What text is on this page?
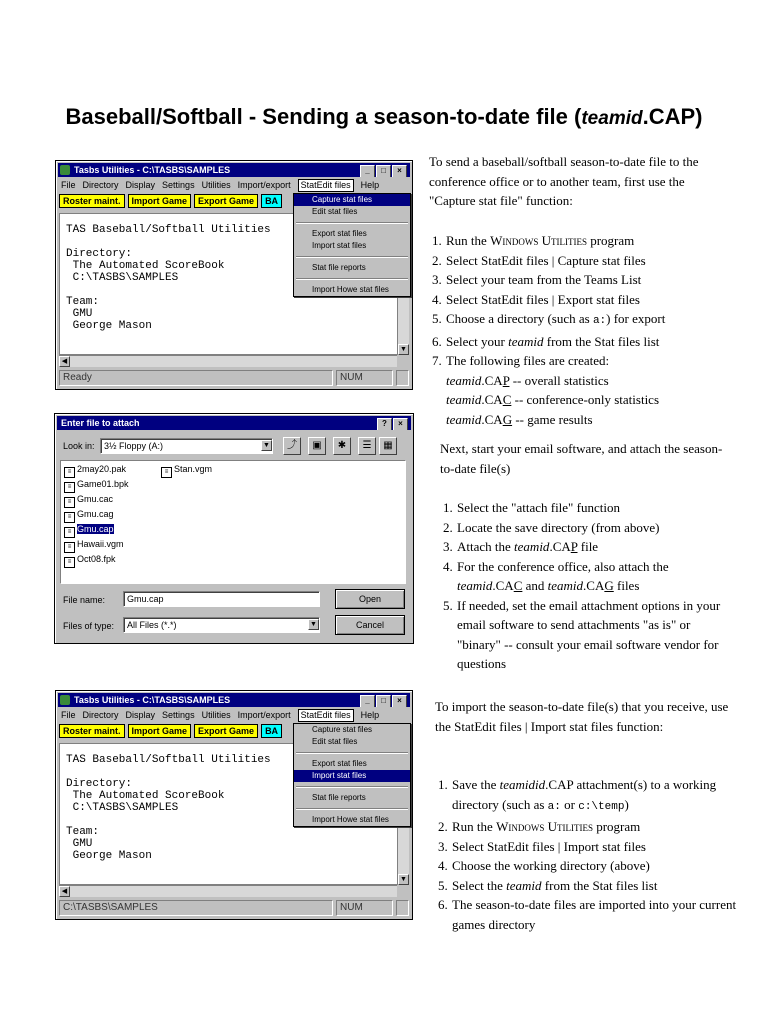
Baseball/Softball - Sending a season-to-date file (teamid.CAP)
Tasbs Utilities - C:\TASBS\SAMPLES	_	□	×
File Directory Display Settings Utilities Import/export	StatEdit files	Help
Roster maint.	Import Game	Export Game	BA
TAS Baseball/Softball Utilities

Directory:
The Automated ScoreBook
C:\TASBS\SAMPLES

Team:
GMU
George Mason
▼
◀
Ready	NUM
Capture stat files
Edit stat files
Export stat files
Import stat files
Stat file reports
Import Howe stat files
Enter file to attach	?	×
Look in:	3½ Floppy (A:)	▼	⤴	▣	✱	☰	▦
≡ 2may20.pak
≡ Game01.bpk
≡ Gmu.cac
≡ Gmu.cag
≡ Gmu.cap
≡ Hawaii.vgm
≡ Oct08.fpk
≡ Stan.vgm
File name:	Gmu.cap
Files of type:	All Files (*.*)	▼
Open
Cancel
Tasbs Utilities - C:\TASBS\SAMPLES	_	□	×
File Directory Display Settings Utilities Import/export	StatEdit files	Help
Roster maint.	Import Game	Export Game	BA
TAS Baseball/Softball Utilities

Directory:
The Automated ScoreBook
C:\TASBS\SAMPLES

Team:
GMU
George Mason
▼
◀
C:\TASBS\SAMPLES	NUM
Capture stat files
Edit stat files
Export stat files
Import stat files
Stat file reports
Import Howe stat files
To send a baseball/softball season-to-date file to the conference office or to another team, first use the "Capture stat file" function:
1. Run the Windows Utilities program
2. Select StatEdit files | Capture stat files
3. Select your team from the Teams List
4. Select StatEdit files | Export stat files
5. Choose a directory (such as a:) for export
6. Select your teamid from the Stat files list
7. The following files are created:
teamid.CAP -- overall statistics
teamid.CAC -- conference-only statistics
teamid.CAG -- game results
Next, start your email software, and attach the season-to-date file(s)
1. Select the "attach file" function
2. Locate the save directory (from above)
3. Attach the teamid.CAP file
4. For the conference office, also attach the teamid.CAC and teamid.CAG files
5. If needed, set the email attachment options in your email software to send attachments "as is" or "binary" -- consult your email software vendor for questions
To import the season-to-date file(s) that you receive, use the StatEdit files | Import stat files function:
1. Save the teamidid.CAP attachment(s) to a working directory (such as a: or c:\temp)
2. Run the Windows Utilities program
3. Select StatEdit files | Import stat files
4. Choose the working directory (above)
5. Select the teamid from the Stat files list
6. The season-to-date files are imported into your current games directory
